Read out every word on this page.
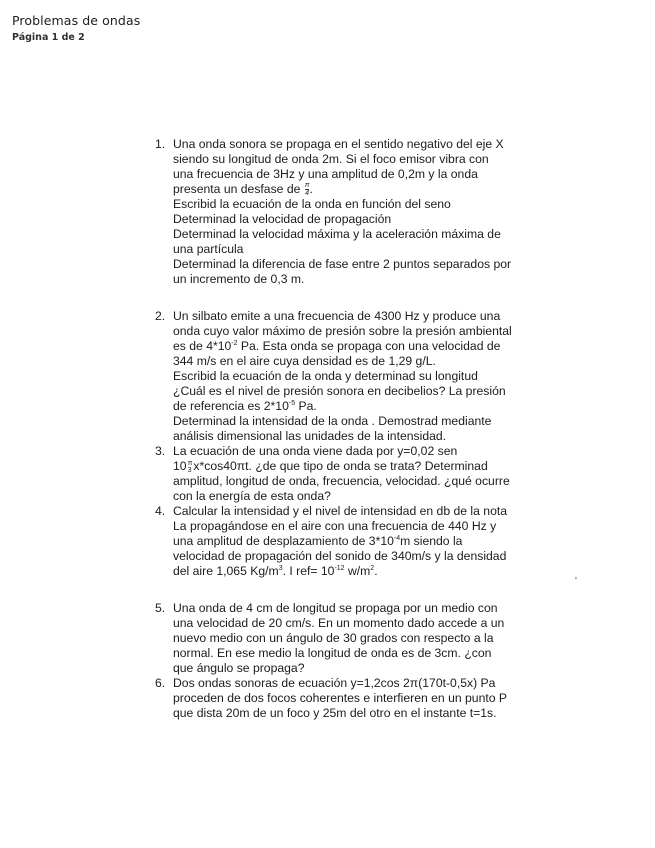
Problemas de ondas
Página 1 de 2
1. Una onda sonora se propaga en el sentido negativo del eje X
siendo su longitud de onda 2m. Si el foco emisor vibra con
una frecuencia de 3Hz y una amplitud de 0,2m y la onda
presenta un desfase de $\frac{\pi}{4}$ .
Escribid la ecuación de la onda en función del seno
Determinad la velocidad de propagación
Determinad la velocidad máxima y la aceleración máxima de
una partícula
Determinad la diferencia de fase entre 2 puntos separados por
un incremento de 0,3 m.
2. Un silbato emite a una frecuencia de 4300 Hz y produce una
onda cuyo valor máximo de presión sobre la presión ambiental
es de $4*10^{-2}$ Pa. Esta onda se propaga con una velocidad de
344 m/s en el aire cuya densidad es de 1,29 g/L.
Escribid la ecuación de la onda y determinad su longitud
¿Cuál es el nivel de presión sonora en decibelios? La presión
de referencia es $2*10^{-5}$ Pa.
Determinad la intensidad de la onda . Demostrad mediante
análisis dimensional las unidades de la intensidad.
3. La ecuación de una onda viene dada por y=0,02 sen
10 π
3 x*cos40πt. ¿de que tipo de onda se trata? Determinad
amplitud, longitud de onda, frecuencia, velocidad. ¿qué ocurre
con la energía de esta onda?
4. Calcular la intensidad y el nivel de intensidad en db de la nota
La propagándose en el aire con una frecuencia de 440 Hz y
una amplitud de desplazamiento de $3*10^{-4}m$ siendo la
velocidad de propagación del sonido de 340m/s y la densidad
del aire 1,065 $Kg/m^3$. I $ref= 10^{-12}$ $w/m^2$.
5. Una onda de 4 cm de longitud se propaga por un medio con
una velocidad de 20 cm/s. En un momento dado accede a un
nuevo medio con un ángulo de 30 grados con respecto a la
normal. En ese medio la longitud de onda es de 3cm. ¿con
que ángulo se propaga?
6. Dos ondas sonoras de ecuación y=1,2cos 2π(170t-0,5x) Pa
proceden de dos focos coherentes e interfieren en un punto P
que dista 20m de un foco y 25m del otro en el instante t=1s.
'
